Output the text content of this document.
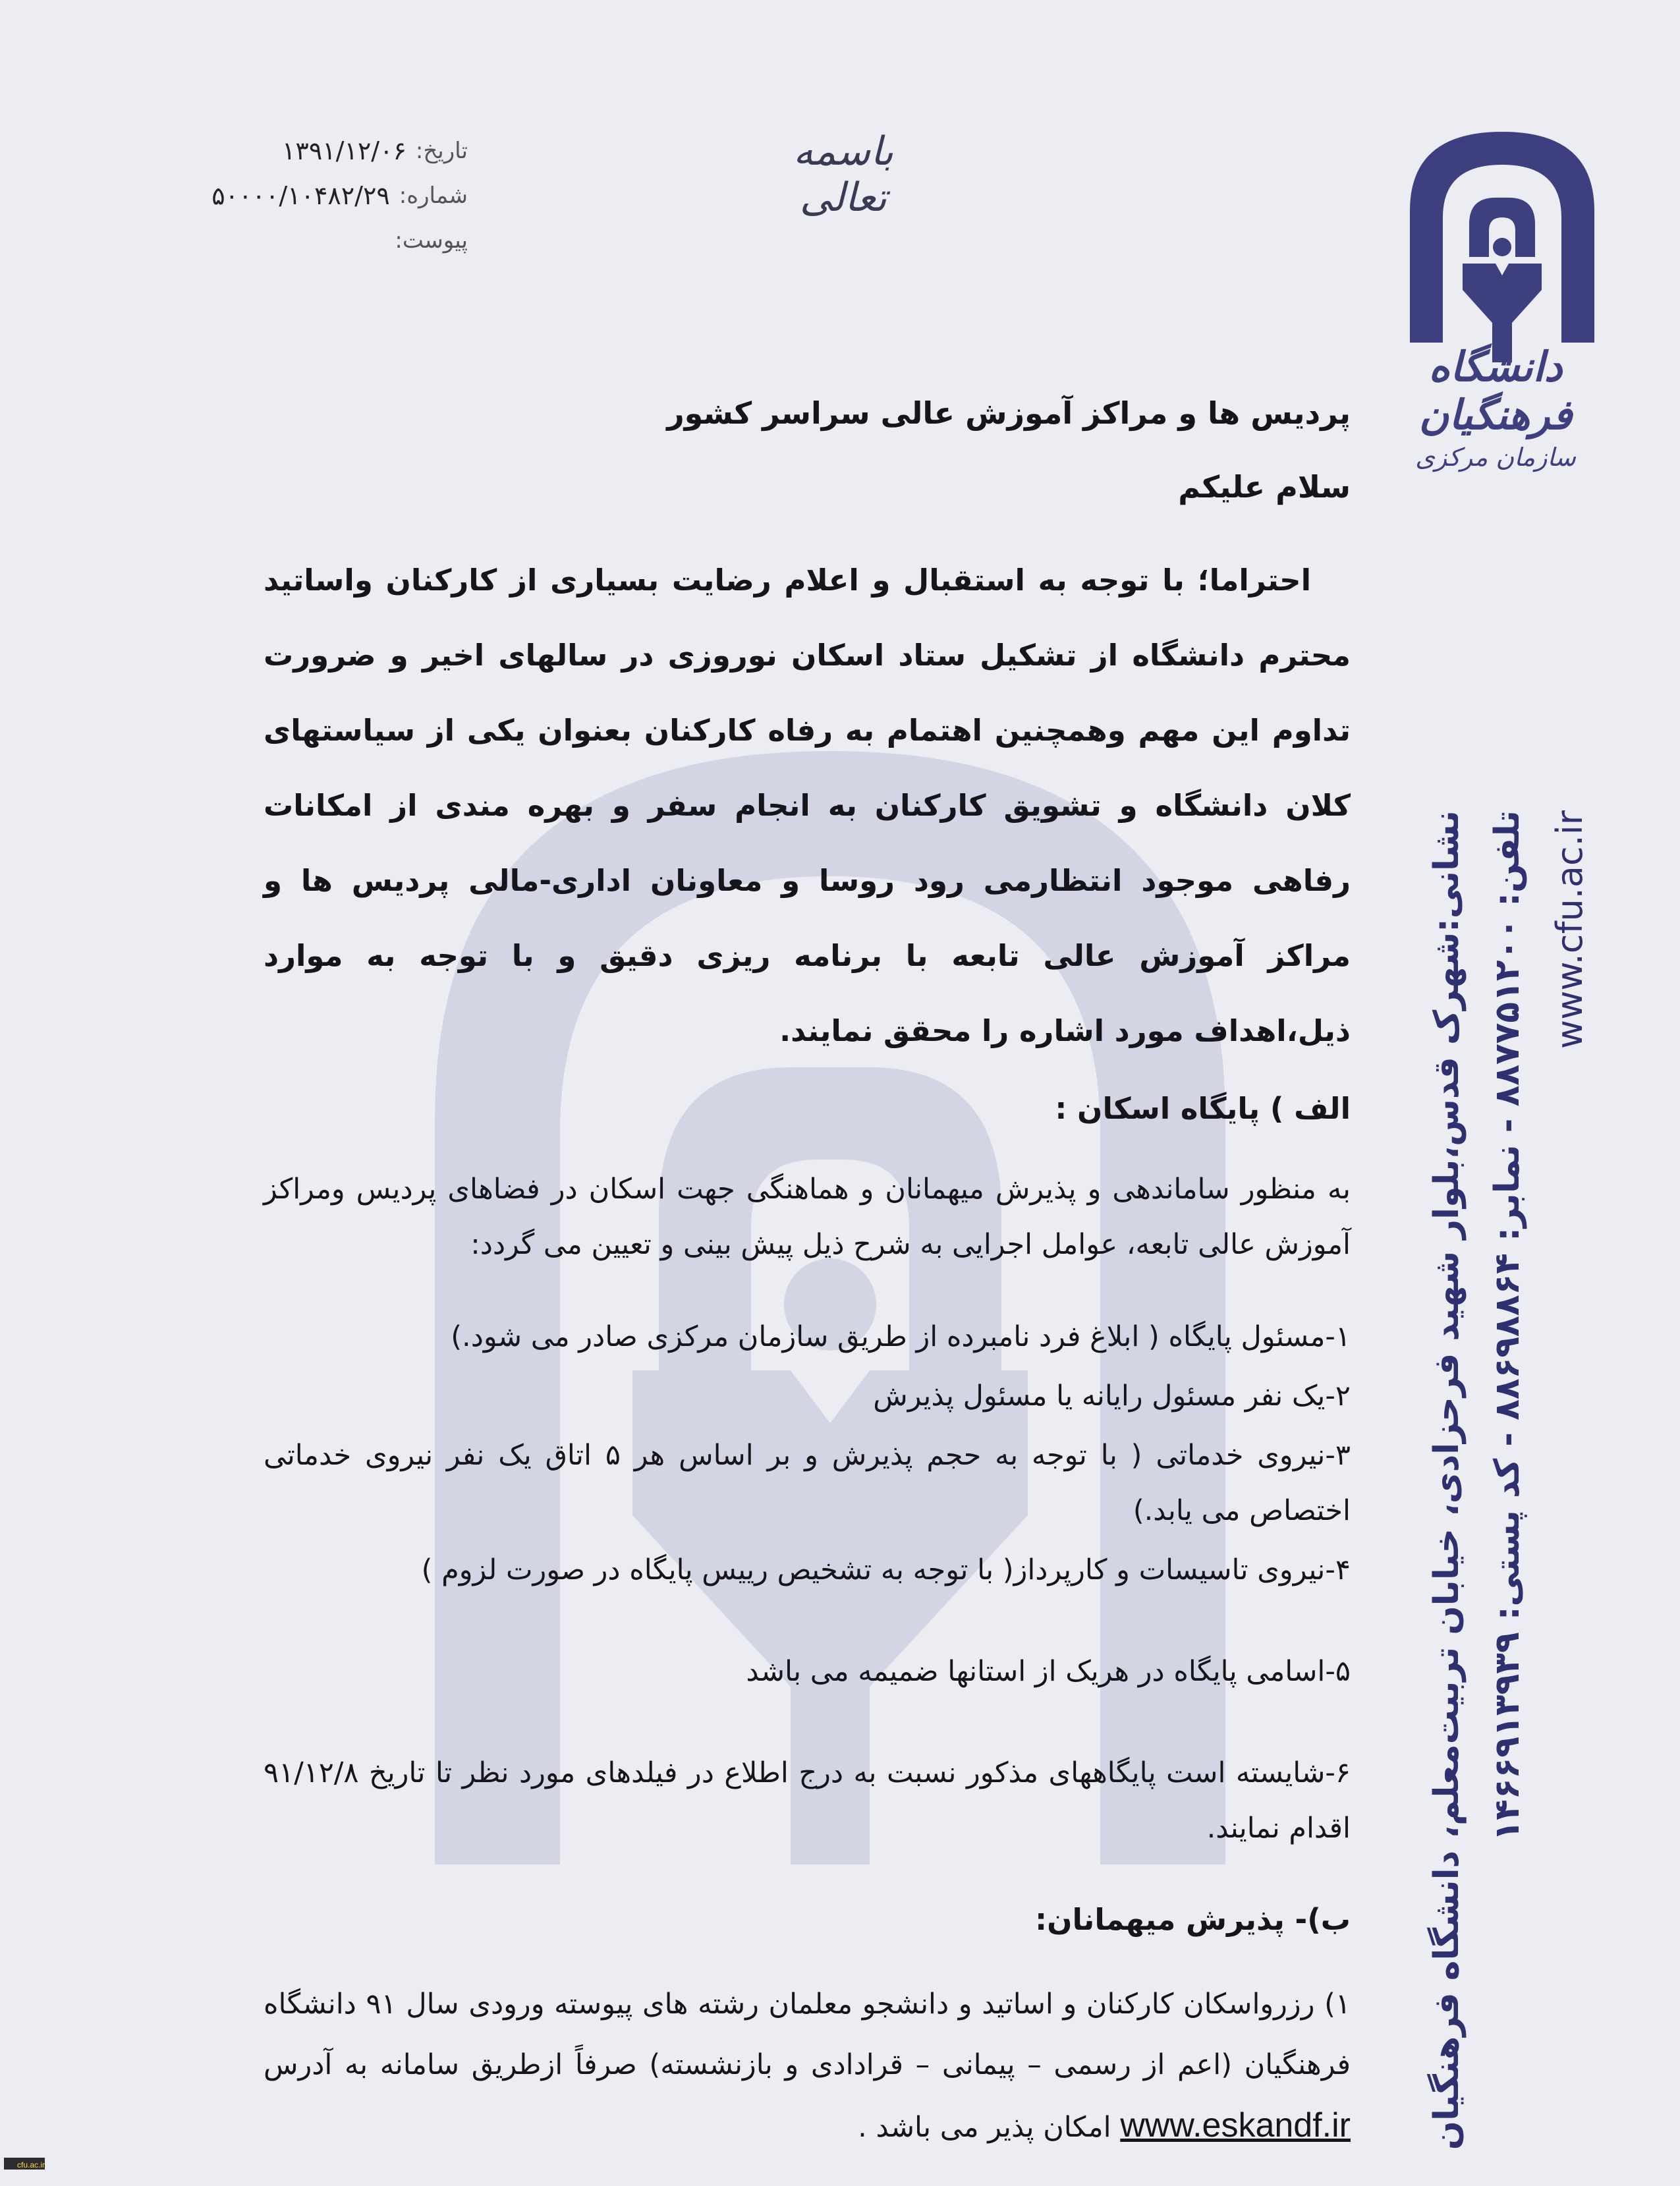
دانشگاه فرهنگیان
سازمان مرکزی
نشانی:شهرک قدس،بلوار شهید فرحزادی، خیابان تربیت‌معلم، دانشگاه فرهنگیان تلفن: ۸۸۷۷۵۱۲۰۰ - نمابر: ۸۸۶۹۸۸۶۴ - کد پستی: ۱۴۶۶۹۱۳۹۳۹ www.cfu.ac.ir
باسمه تعالی
تاریخ:
۱۳۹۱/۱۲/۰۶
شماره:
۵۰۰۰۰/۱۰۴۸۲/۲۹
پیوست:

پردیس ها و مراکز آموزش عالی سراسر کشور

سلام علیکم

احتراما؛ با توجه به استقبال و اعلام رضایت بسیاری از کارکنان واساتید محترم دانشگاه از تشکیل ستاد اسکان نوروزی در سالهای اخیر و ضرورت تداوم این مهم وهمچنین اهتمام به رفاه کارکنان بعنوان یکی از سیاستهای کلان دانشگاه و تشویق کارکنان به انجام سفر و بهره مندی از امکانات رفاهی موجود انتظارمی رود روسا و معاونان اداری-مالی پردیس ها و مراکز آموزش عالی تابعه با برنامه ریزی دقیق و با توجه به موارد ذیل،اهداف مورد اشاره را محقق نمایند.

الف ) پایگاه اسکان :

به منظور ساماندهی و پذیرش میهمانان و هماهنگی جهت اسکان در فضاهای پردیس ومراکز آموزش عالی تابعه، عوامل اجرایی به شرح ذیل پیش بینی و تعیین می گردد:

۱-مسئول پایگاه ( ابلاغ فرد نامبرده از طریق سازمان مرکزی صادر می شود.)
۲-یک نفر مسئول رایانه یا مسئول پذیرش
۳-نیروی خدماتی ( با توجه به حجم پذیرش و بر اساس هر ۵ اتاق یک نفر نیروی خدماتی اختصاص می یابد.)
۴-نیروی تاسیسات و کارپرداز( با توجه به تشخیص رییس پایگاه در صورت لزوم )
۵-اسامی پایگاه در هریک از استانها ضمیمه می باشد
۶-شایسته است پایگاههای مذکور نسبت به درج اطلاع در فیلدهای مورد نظر تا تاریخ ۹۱/۱۲/۸ اقدام نمایند.

ب)- پذیرش میهمانان:

۱) رزرواسکان کارکنان و اساتید و دانشجو معلمان رشته های پیوسته ورودی سال ۹۱ دانشگاه فرهنگیان (اعم از رسمی – پیمانی – قرادادی و بازنشسته) صرفاً ازطریق سامانه به آدرس www.eskandf.ir امکان پذیر می باشد .

cfu.ac.ir
